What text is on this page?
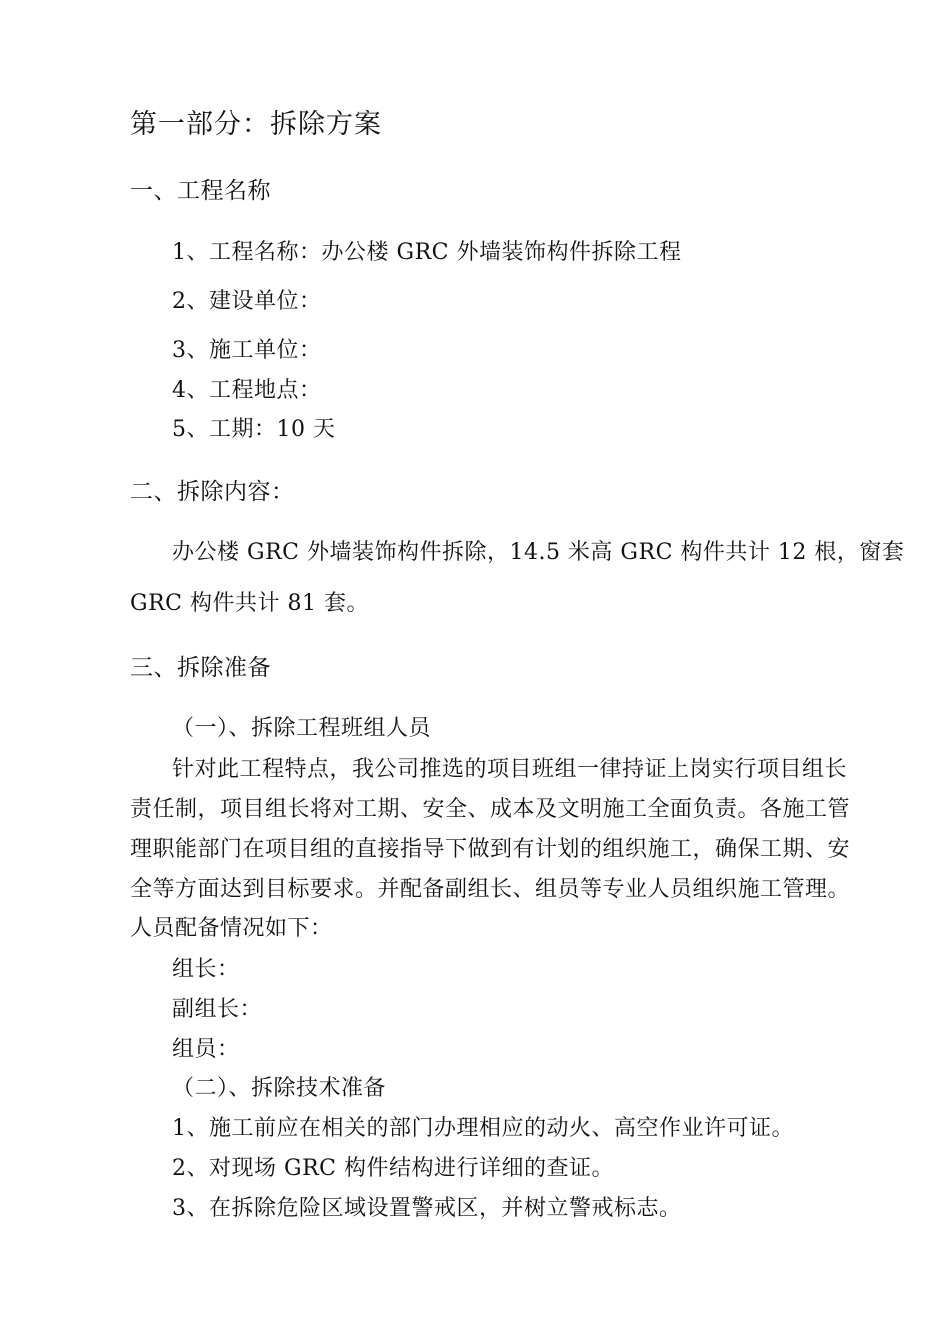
第一部分：拆除方案
一、工程名称
1、工程名称：办公楼 GRC 外墙装饰构件拆除工程
2、建设单位：
3、施工单位：
4、工程地点：
5、工期：10 天
二、拆除内容：
办公楼 GRC 外墙装饰构件拆除，14.5 米高 GRC 构件共计 12 根，窗套
GRC 构件共计 81 套。
三、拆除准备
（一）、拆除工程班组人员
针对此工程特点，我公司推选的项目班组一律持证上岗实行项目组长
责任制，项目组长将对工期、安全、成本及文明施工全面负责。各施工管
理职能部门在项目组的直接指导下做到有计划的组织施工，确保工期、安
全等方面达到目标要求。并配备副组长、组员等专业人员组织施工管理。
人员配备情况如下：
组长：
副组长：
组员：
（二）、拆除技术准备
1、施工前应在相关的部门办理相应的动火、高空作业许可证。
2、对现场 GRC 构件结构进行详细的查证。
3、在拆除危险区域设置警戒区，并树立警戒标志。
